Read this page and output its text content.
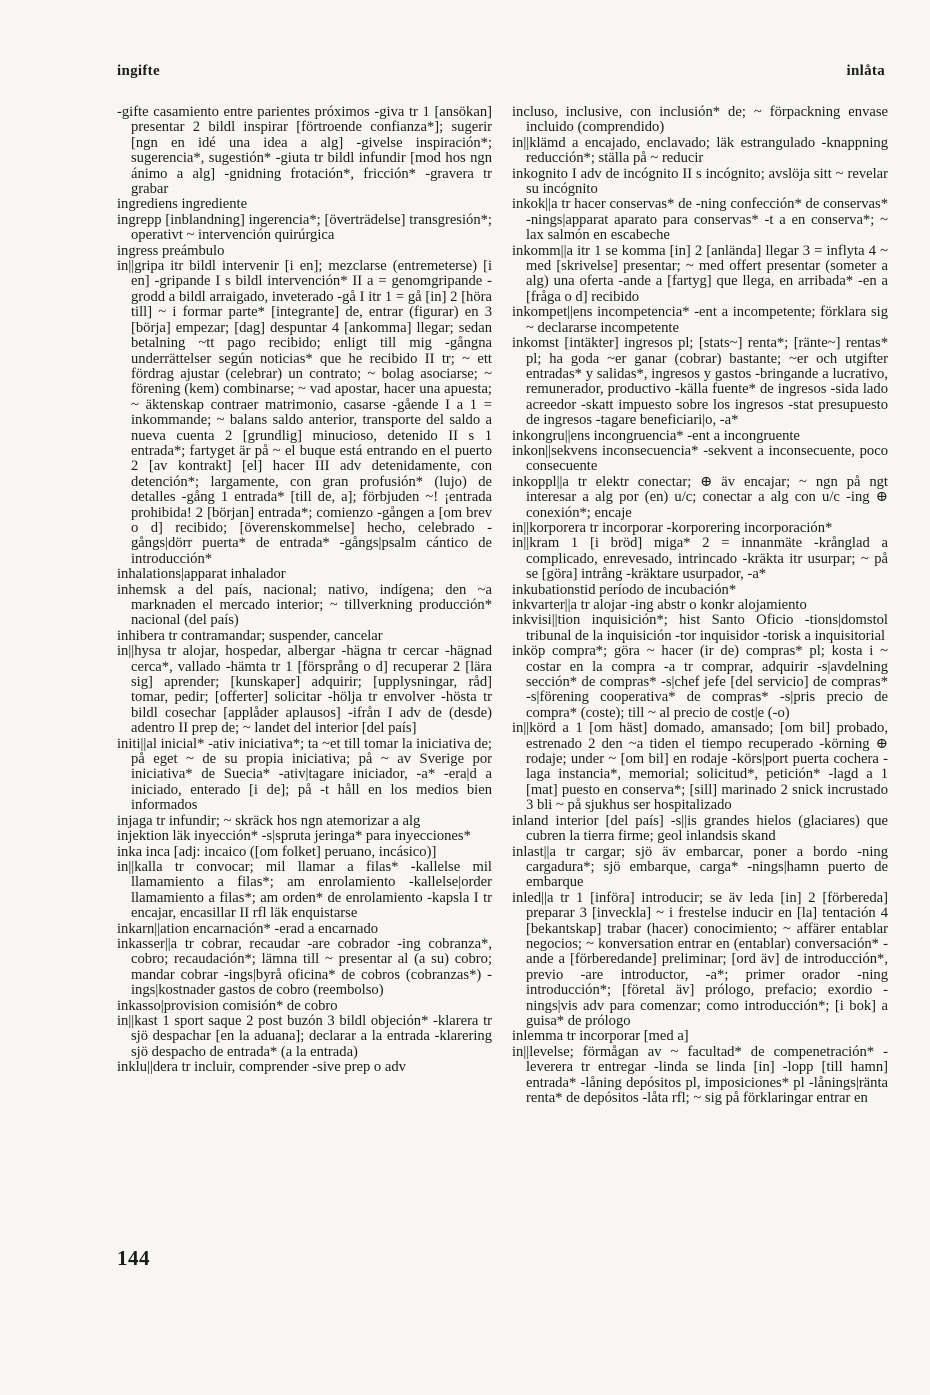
ingifte	inlåta

-gifte casamiento entre parientes próximos -giva tr 1 [ansökan] presentar 2 bildl inspirar [förtroende confianza*]; sugerir [ngn en idé una idea a alg] -givelse inspiración*; sugerencia*, sugestión* -giuta tr bildl infundir [mod hos ngn ánimo a alg] -gnidning frotación*, fricción* -gravera tr grabar

ingrediens ingrediente

ingrepp [inblandning] ingerencia*; [överträdelse] transgresión*; operativt ~ intervención quirúrgica

ingress preámbulo

in||gripa itr bildl intervenir [i en]; mezclarse (entremeterse) [i en] -gripande I s bildl intervención* II a = genomgripande -grodd a bildl arraigado, inveterado -gå I itr 1 = gå [in] 2 [höra till] ~ i formar parte* [integrante] de, entrar (figurar) en 3 [börja] empezar; [dag] despuntar 4 [ankomma] llegar; sedan betalning ~tt pago recibido; enligt till mig -gångna underrättelser según noticias* que he recibido II tr; ~ ett fördrag ajustar (celebrar) un contrato; ~ bolag asociarse; ~ förening (kem) combinarse; ~ vad apostar, hacer una apuesta; ~ äktenskap contraer matrimonio, casarse -gående I a 1 = inkommande; ~ balans saldo anterior, transporte del saldo a nueva cuenta 2 [grundlig] minucioso, detenido II s 1 entrada*; fartyget är på ~ el buque está entrando en el puerto 2 [av kontrakt] [el] hacer III adv detenidamente, con detención*; largamente, con gran profusión* (lujo) de detalles -gång 1 entrada* [till de, a]; förbjuden ~! ¡entrada prohibida! 2 [början] entrada*; comienzo -gången a [om brev o d] recibido; [överenskommelse] hecho, celebrado -gångs|dörr puerta* de entrada* -gångs|psalm cántico de introducción*

inhalations|apparat inhalador

inhemsk a del país, nacional; nativo, indígena; den ~a marknaden el mercado interior; ~ tillverkning producción* nacional (del país)

inhibera tr contramandar; suspender, cancelar

in||hysa tr alojar, hospedar, albergar -hägna tr cercar -hägnad cerca*, vallado -hämta tr 1 [försprång o d] recuperar 2 [lära sig] aprender; [kunskaper] adquirir; [upplysningar, råd] tomar, pedir; [offerter] solicitar -hölja tr envolver -hösta tr bildl cosechar [applåder aplausos] -ifrån I adv de (desde) adentro II prep de; ~ landet del interior [del país]

initi||al inicial* -ativ iniciativa*; ta ~et till tomar la iniciativa de; på eget ~ de su propia iniciativa; på ~ av Sverige por iniciativa* de Suecia* -ativ|tagare iniciador, -a* -era|d a iniciado, enterado [i de]; på -t håll en los medios bien informados

injaga tr infundir; ~ skräck hos ngn atemorizar a alg

injektion läk inyección* -s|spruta jeringa* para inyecciones*

inka inca [adj: incaico ([om folket] peruano, incásico)]

in||kalla tr convocar; mil llamar a filas* -kallelse mil llamamiento a filas*; am enrolamiento -kallelse|order llamamiento a filas*; am orden* de enrolamiento -kapsla I tr encajar, encasillar II rfl läk enquistarse

inkarn||ation encarnación* -erad a encarnado

inkasser||a tr cobrar, recaudar -are cobrador -ing cobranza*, cobro; recaudación*; lämna till ~ presentar al (a su) cobro; mandar cobrar -ings|byrå oficina* de cobros (cobranzas*) -ings|kostnader gastos de cobro (reembolso)

inkasso|provision comisión* de cobro

in||kast 1 sport saque 2 post buzón 3 bildl objeción* -klarera tr sjö despachar [en la aduana]; declarar a la entrada -klarering sjö despacho de entrada* (a la entrada)

inklu||dera tr incluir, comprender -sive prep o adv

incluso, inclusive, con inclusión* de; ~ förpackning envase incluido (comprendido)

in||klämd a encajado, enclavado; läk estrangulado -knappning reducción*; ställa på ~ reducir

inkognito I adv de incógnito II s incógnito; avslöja sitt ~ revelar su incógnito

inkok||a tr hacer conservas* de -ning confección* de conservas* -nings|apparat aparato para conservas* -t a en conserva*; ~ lax salmón en escabeche

inkomm||a itr 1 se komma [in] 2 [anlända] llegar 3 = inflyta 4 ~ med [skrivelse] presentar; ~ med offert presentar (someter a alg) una oferta -ande a [fartyg] que llega, en arribada* -en a [fråga o d] recibido

inkompet||ens incompetencia* -ent a incompetente; förklara sig ~ declararse incompetente

inkomst [intäkter] ingresos pl; [stats~] renta*; [ränte~] rentas* pl; ha goda ~er ganar (cobrar) bastante; ~er och utgifter entradas* y salidas*, ingresos y gastos -bringande a lucrativo, remunerador, productivo -källa fuente* de ingresos -sida lado acreedor -skatt impuesto sobre los ingresos -stat presupuesto de ingresos -tagare beneficiari|o, -a*

inkongru||ens incongruencia* -ent a incongruente

inkon||sekvens inconsecuencia* -sekvent a inconsecuente, poco consecuente

inkoppl||a tr elektr conectar; ⊕ äv encajar; ~ ngn på ngt interesar a alg por (en) u/c; conectar a alg con u/c -ing ⊕ conexión*; encaje

in||korporera tr incorporar -korporering incorporación*

in||kram 1 [i bröd] miga* 2 = innanmäte -krånglad a complicado, enrevesado, intrincado -kräkta itr usurpar; ~ på se [göra] intrång -kräktare usurpador, -a*

inkubationstid período de incubación*

inkvarter||a tr alojar -ing abstr o konkr alojamiento

inkvisi||tion inquisición*; hist Santo Oficio -tions|domstol tribunal de la inquisición -tor inquisidor -torisk a inquisitorial

inköp compra*; göra ~ hacer (ir de) compras* pl; kosta i ~ costar en la compra -a tr comprar, adquirir -s|avdelning sección* de compras* -s|chef jefe [del servicio] de compras* -s|förening cooperativa* de compras* -s|pris precio de compra* (coste); till ~ al precio de cost|e (-o)

in||körd a 1 [om häst] domado, amansado; [om bil] probado, estrenado 2 den ~a tiden el tiempo recuperado -körning ⊕ rodaje; under ~ [om bil] en rodaje -körs|port puerta cochera -laga instancia*, memorial; solicitud*, petición* -lagd a 1 [mat] puesto en conserva*; [sill] marinado 2 snick incrustado 3 bli ~ på sjukhus ser hospitalizado

inland interior [del país] -s||is grandes hielos (glaciares) que cubren la tierra firme; geol inlandsis skand

inlast||a tr cargar; sjö äv embarcar, poner a bordo -ning cargadura*; sjö embarque, carga* -nings|hamn puerto de embarque

inled||a tr 1 [införa] introducir; se äv leda [in] 2 [förbereda] preparar 3 [inveckla] ~ i frestelse inducir en [la] tentación 4 [bekantskap] trabar (hacer) conocimiento; ~ affärer entablar negocios; ~ konversation entrar en (entablar) conversación* -ande a [förberedande] preliminar; [ord äv] de introducción*, previo -are introductor, -a*; primer orador -ning introducción*; [företal äv] prólogo, prefacio; exordio -nings|vis adv para comenzar; como introducción*; [i bok] a guisa* de prólogo

inlemma tr incorporar [med a]

in||levelse; förmågan av ~ facultad* de compenetración* -leverera tr entregar -linda se linda [in] -lopp [till hamn] entrada* -låning depósitos pl, imposiciones* pl -lånings|ränta renta* de depósitos -låta rfl; ~ sig på förklaringar entrar en

144
